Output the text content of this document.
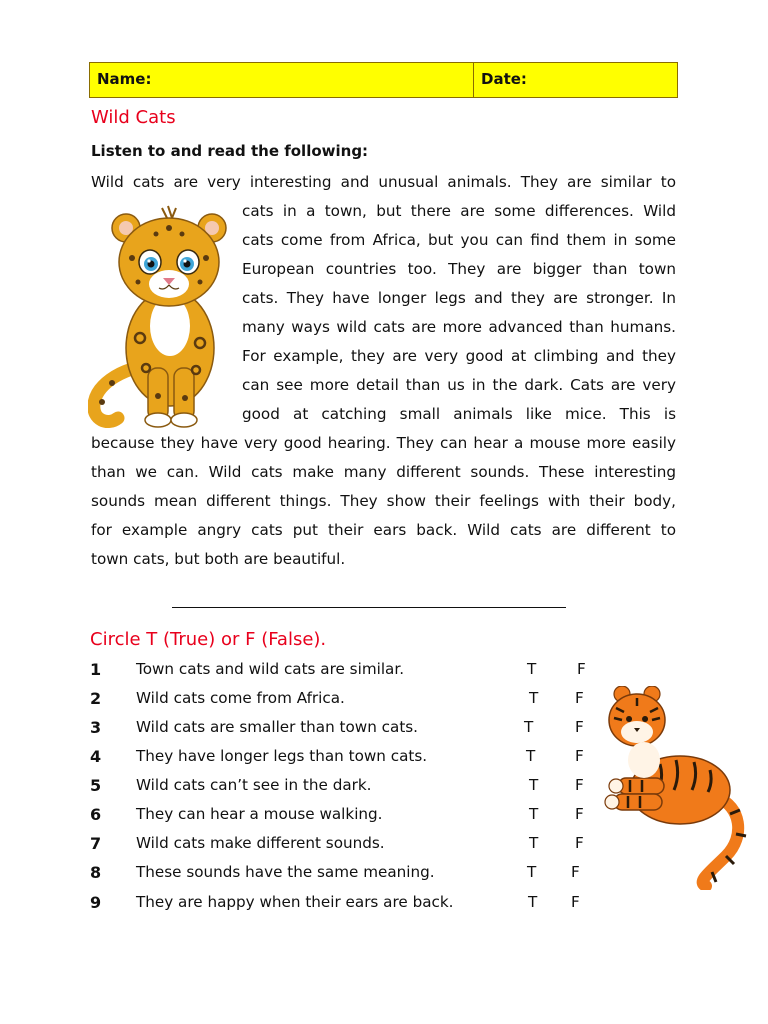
Name:	Date:
Wild Cats
Listen to and read the following:
Wild cats are very interesting and unusual animals. They are similar to
cats in a town, but there are some differences. Wild
cats come from Africa, but you can find them in some
European countries too. They are bigger than town
cats. They have longer legs and they are stronger. In
many ways wild cats are more advanced than humans.
For example, they are very good at climbing and they
can see more detail than us in the dark. Cats are very
good at catching small animals like mice. This is
because they have very good hearing. They can hear a mouse more easily
than we can. Wild cats make many different sounds. These interesting
sounds mean different things. They show their feelings with their body,
for example angry cats put their ears back. Wild cats are different to
town cats, but both are beautiful.
Circle T (True) or F (False).
1 Town cats and wild cats are similar.	T	F
2 Wild cats come from Africa.	T F
3 Wild cats are smaller than town cats.	T	F
4 They have longer legs than town cats.	T	F
5 Wild cats can’t see in the dark.	T F
6 They can hear a mouse walking.	T F
7 Wild cats make different sounds.	T F
8 These sounds have the same meaning.	T F
9 They are happy when their ears are back.	T F
